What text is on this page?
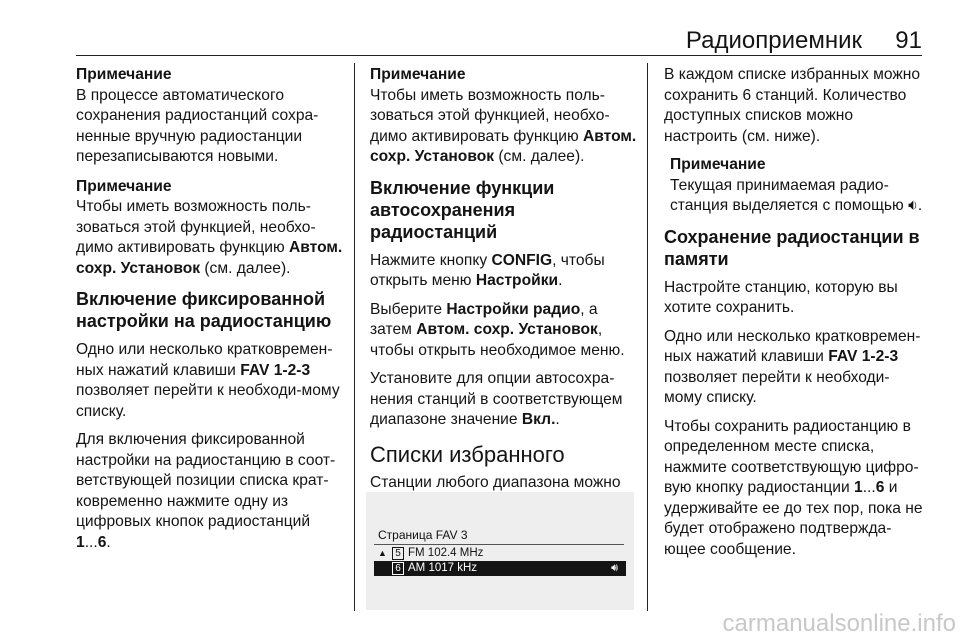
Радиоприемник 91
Примечание
В процессе автоматического сохранения радиостанций сохра-ненные вручную радиостанции перезаписываются новыми.
Примечание
Чтобы иметь возможность поль-зоваться этой функцией, необхо-димо активировать функцию Автом. сохр. Установок (см. далее).
Включение фиксированной настройки на радиостанцию

Одно или несколько кратковремен-ных нажатий клавиши FAV 1-2-3 позволяет перейти к необходи-мому списку.

Для включения фиксированной настройки на радиостанцию в соот-ветствующей позиции списка крат-ковременно нажмите одну из цифровых кнопок радиостанций 1...6.

Примечание
Чтобы иметь возможность поль-зоваться этой функцией, необхо-димо активировать функцию Автом. сохр. Установок (см. далее).
Включение функции автосохранения радиостанций

Нажмите кнопку CONFIG, чтобы открыть меню Настройки.

Выберите Настройки радио, а затем Автом. сохр. Установок, чтобы открыть необходимое меню.

Установите для опции автосохра-нения станций в соответствующем диапазоне значение Вкл..

Списки избранного

Станции любого диапазона можно

Страница FAV 3
▲ 5 FM 102.4 MHz
6 AM 1017 kHz	🔊︎

В каждом списке избранных можно сохранить 6 станций. Количество доступных списков можно настроить (см. ниже).

Примечание
Текущая принимаемая радио-станция выделяется с помощью 🔉︎.
Сохранение радиостанции в памяти

Настройте станцию, которую вы хотите сохранить.

Одно или несколько кратковремен-ных нажатий клавиши FAV 1-2-3 позволяет перейти к необходи-мому списку.

Чтобы сохранить радиостанцию в определенном месте списка, нажмите соответствующую цифро-вую кнопку радиостанции 1...6 и удерживайте ее до тех пор, пока не будет отображено подтвержда-ющее сообщение.

carmanualsonline.info
